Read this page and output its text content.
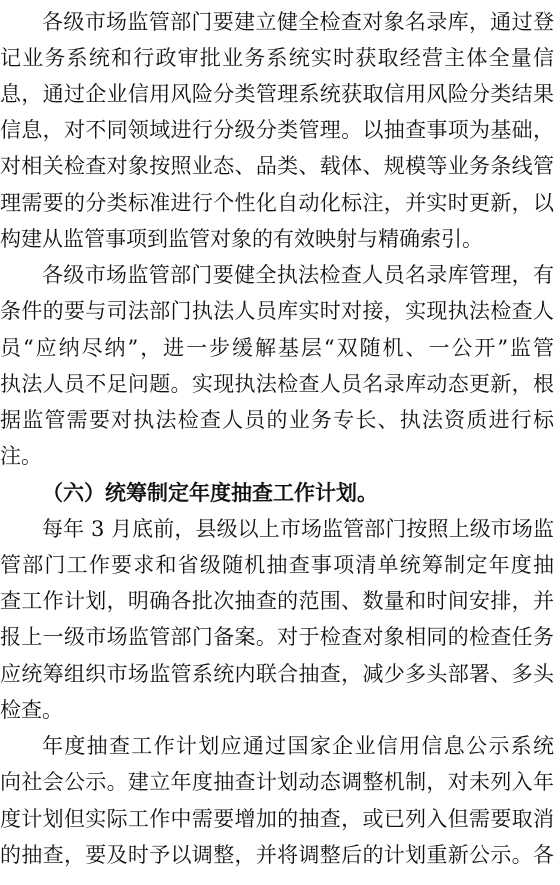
各级市场监管部门要建立健全检查对象名录库，通过登
记业务系统和行政审批业务系统实时获取经营主体全量信
息，通过企业信用风险分类管理系统获取信用风险分类结果
信息，对不同领域进行分级分类管理。以抽查事项为基础，
对相关检查对象按照业态、品类、载体、规模等业务条线管
理需要的分类标准进行个性化自动化标注，并实时更新，以
构建从监管事项到监管对象的有效映射与精确索引。
各级市场监管部门要健全执法检查人员名录库管理，有
条件的要与司法部门执法人员库实时对接，实现执法检查人
员“应纳尽纳”，进一步缓解基层“双随机、一公开”监管
执法人员不足问题。实现执法检查人员名录库动态更新，根
据监管需要对执法检查人员的业务专长、执法资质进行标
注。
（六）统筹制定年度抽查工作计划。
每年 3 月底前，县级以上市场监管部门按照上级市场监
管部门工作要求和省级随机抽查事项清单统筹制定年度抽
查工作计划，明确各批次抽查的范围、数量和时间安排，并
报上一级市场监管部门备案。对于检查对象相同的检查任务
应统筹组织市场监管系统内联合抽查，减少多头部署、多头
检查。
年度抽查工作计划应通过国家企业信用信息公示系统
向社会公示。建立年度抽查计划动态调整机制，对未列入年
度计划但实际工作中需要增加的抽查，或已列入但需要取消
的抽查，要及时予以调整，并将调整后的计划重新公示。各
